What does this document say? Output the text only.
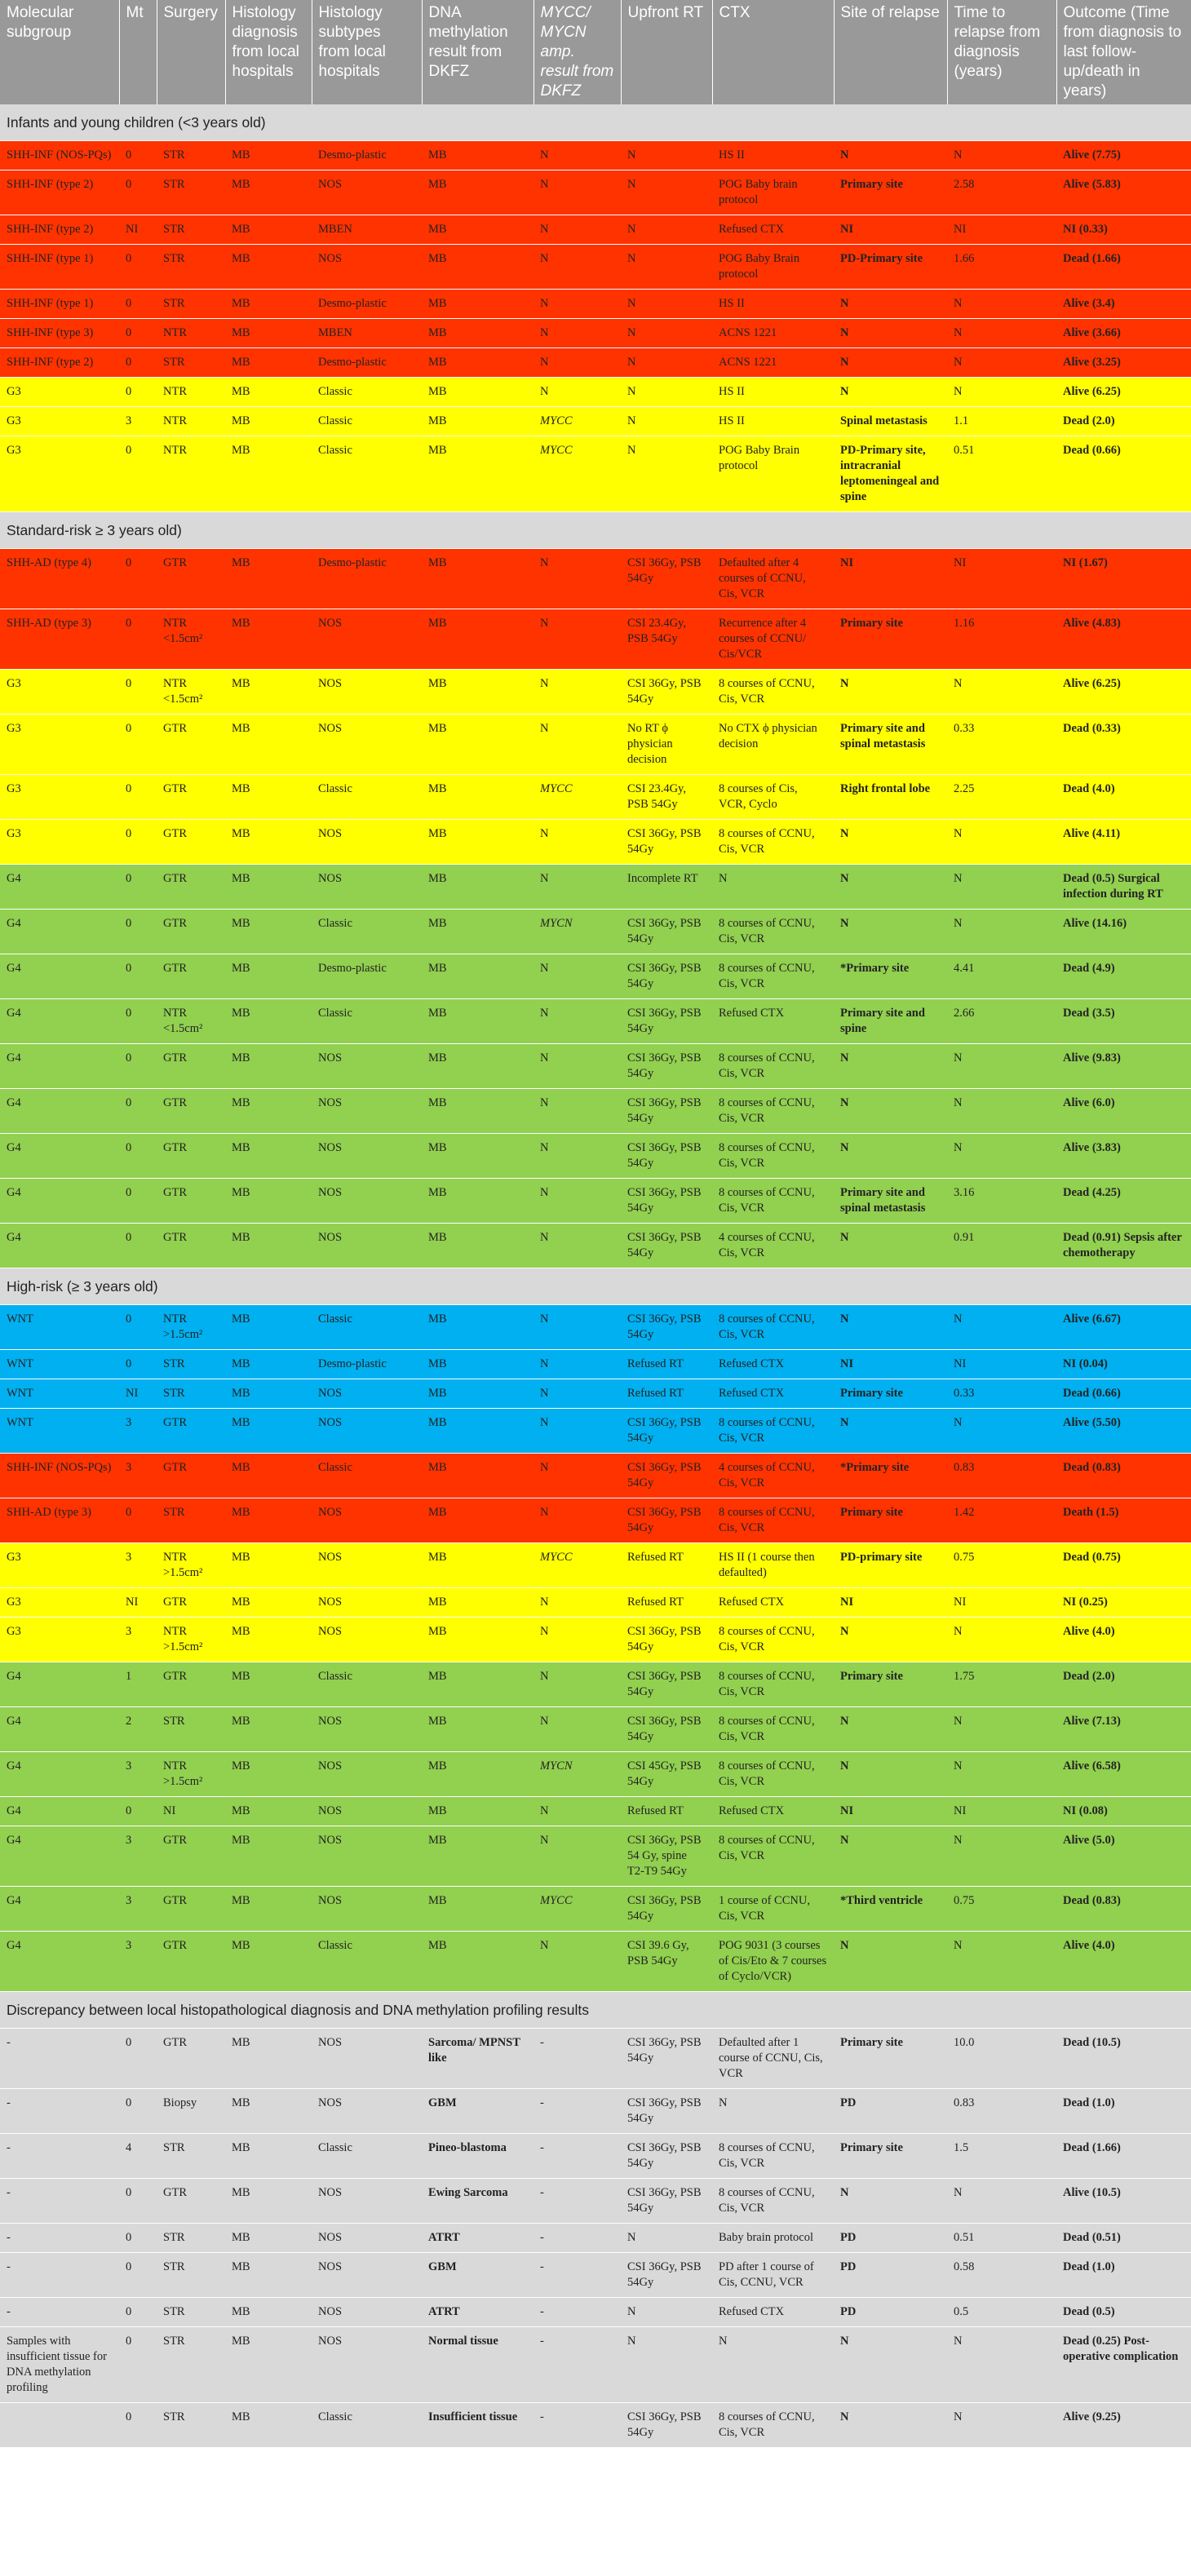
Molecular subgroup	Mt	Surgery	Histology diagnosis from local hospitals	Histology subtypes from local hospitals	DNA methylation result from DKFZ	MYCC/ MYCN amp. result from DKFZ	Upfront RT	CTX	Site of relapse	Time to relapse from diagnosis (years)	Outcome (Time from diagnosis to last follow-up/death in years)
Infants and young children (<3 years old)											
SHH-INF (NOS-PQs)	0	STR	MB	Desmo-plastic	MB	N	N	HS II	N	N	Alive (7.75)
SHH-INF (type 2)	0	STR	MB	NOS	MB	N	N	POG Baby brain protocol	Primary site	2.58	Alive (5.83)
SHH-INF (type 2)	NI	STR	MB	MBEN	MB	N	N	Refused CTX	NI	NI	NI (0.33)
SHH-INF (type 1)	0	STR	MB	NOS	MB	N	N	POG Baby Brain protocol	PD-Primary site	1.66	Dead (1.66)
SHH-INF (type 1)	0	STR	MB	Desmo-plastic	MB	N	N	HS II	N	N	Alive (3.4)
SHH-INF (type 3)	0	NTR	MB	MBEN	MB	N	N	ACNS 1221	N	N	Alive (3.66)
SHH-INF (type 2)	0	STR	MB	Desmo-plastic	MB	N	N	ACNS 1221	N	N	Alive (3.25)
G3	0	NTR	MB	Classic	MB	N	N	HS II	N	N	Alive (6.25)
G3	3	NTR	MB	Classic	MB	MYCC	N	HS II	Spinal metastasis	1.1	Dead (2.0)
G3	0	NTR	MB	Classic	MB	MYCC	N	POG Baby Brain protocol	PD-Primary site, intracranial leptomeningeal and spine	0.51	Dead (0.66)
Standard-risk ≥ 3 years old)											
SHH-AD (type 4)	0	GTR	MB	Desmo-plastic	MB	N	CSI 36Gy, PSB 54Gy	Defaulted after 4 courses of CCNU, Cis, VCR	NI	NI	NI (1.67)
SHH-AD (type 3)	0	NTR <1.5cm²	MB	NOS	MB	N	CSI 23.4Gy, PSB 54Gy	Recurrence after 4 courses of CCNU/ Cis/VCR	Primary site	1.16	Alive (4.83)
G3	0	NTR <1.5cm²	MB	NOS	MB	N	CSI 36Gy, PSB 54Gy	8 courses of CCNU, Cis, VCR	N	N	Alive (6.25)
G3	0	GTR	MB	NOS	MB	N	No RT ϕ physician decision	No CTX ϕ physician decision	Primary site and spinal metastasis	0.33	Dead (0.33)
G3	0	GTR	MB	Classic	MB	MYCC	CSI 23.4Gy, PSB 54Gy	8 courses of Cis, VCR, Cyclo	Right frontal lobe	2.25	Dead (4.0)
G3	0	GTR	MB	NOS	MB	N	CSI 36Gy, PSB 54Gy	8 courses of CCNU, Cis, VCR	N	N	Alive (4.11)
G4	0	GTR	MB	NOS	MB	N	Incomplete RT	N	N	N	Dead (0.5) Surgical infection during RT
G4	0	GTR	MB	Classic	MB	MYCN	CSI 36Gy, PSB 54Gy	8 courses of CCNU, Cis, VCR	N	N	Alive (14.16)
G4	0	GTR	MB	Desmo-plastic	MB	N	CSI 36Gy, PSB 54Gy	8 courses of CCNU, Cis, VCR	*Primary site	4.41	Dead (4.9)
G4	0	NTR <1.5cm²	MB	Classic	MB	N	CSI 36Gy, PSB 54Gy	Refused CTX	Primary site and spine	2.66	Dead (3.5)
G4	0	GTR	MB	NOS	MB	N	CSI 36Gy, PSB 54Gy	8 courses of CCNU, Cis, VCR	N	N	Alive (9.83)
G4	0	GTR	MB	NOS	MB	N	CSI 36Gy, PSB 54Gy	8 courses of CCNU, Cis, VCR	N	N	Alive (6.0)
G4	0	GTR	MB	NOS	MB	N	CSI 36Gy, PSB 54Gy	8 courses of CCNU, Cis, VCR	N	N	Alive (3.83)
G4	0	GTR	MB	NOS	MB	N	CSI 36Gy, PSB 54Gy	8 courses of CCNU, Cis, VCR	Primary site and spinal metastasis	3.16	Dead (4.25)
G4	0	GTR	MB	NOS	MB	N	CSI 36Gy, PSB 54Gy	4 courses of CCNU, Cis, VCR	N	0.91	Dead (0.91) Sepsis after chemotherapy
High-risk (≥ 3 years old)											
WNT	0	NTR >1.5cm²	MB	Classic	MB	N	CSI 36Gy, PSB 54Gy	8 courses of CCNU, Cis, VCR	N	N	Alive (6.67)
WNT	0	STR	MB	Desmo-plastic	MB	N	Refused RT	Refused CTX	NI	NI	NI (0.04)
WNT	NI	STR	MB	NOS	MB	N	Refused RT	Refused CTX	Primary site	0.33	Dead (0.66)
WNT	3	GTR	MB	NOS	MB	N	CSI 36Gy, PSB 54Gy	8 courses of CCNU, Cis, VCR	N	N	Alive (5.50)
SHH-INF (NOS-PQs)	3	GTR	MB	Classic	MB	N	CSI 36Gy, PSB 54Gy	4 courses of CCNU, Cis, VCR	*Primary site	0.83	Dead (0.83)
SHH-AD (type 3)	0	STR	MB	NOS	MB	N	CSI 36Gy, PSB 54Gy	8 courses of CCNU, Cis, VCR	Primary site	1.42	Death (1.5)
G3	3	NTR >1.5cm²	MB	NOS	MB	MYCC	Refused RT	HS II (1 course then defaulted)	PD-primary site	0.75	Dead (0.75)
G3	NI	GTR	MB	NOS	MB	N	Refused RT	Refused CTX	NI	NI	NI (0.25)
G3	3	NTR >1.5cm²	MB	NOS	MB	N	CSI 36Gy, PSB 54Gy	8 courses of CCNU, Cis, VCR	N	N	Alive (4.0)
G4	1	GTR	MB	Classic	MB	N	CSI 36Gy, PSB 54Gy	8 courses of CCNU, Cis, VCR	Primary site	1.75	Dead (2.0)
G4	2	STR	MB	NOS	MB	N	CSI 36Gy, PSB 54Gy	8 courses of CCNU, Cis, VCR	N	N	Alive (7.13)
G4	3	NTR >1.5cm²	MB	NOS	MB	MYCN	CSI 45Gy, PSB 54Gy	8 courses of CCNU, Cis, VCR	N	N	Alive (6.58)
G4	0	NI	MB	NOS	MB	N	Refused RT	Refused CTX	NI	NI	NI (0.08)
G4	3	GTR	MB	NOS	MB	N	CSI 36Gy, PSB 54 Gy, spine T2-T9 54Gy	8 courses of CCNU, Cis, VCR	N	N	Alive (5.0)
G4	3	GTR	MB	NOS	MB	MYCC	CSI 36Gy, PSB 54Gy	1 course of CCNU, Cis, VCR	*Third ventricle	0.75	Dead (0.83)
G4	3	GTR	MB	Classic	MB	N	CSI 39.6 Gy, PSB 54Gy	POG 9031 (3 courses of Cis/Eto & 7 courses of Cyclo/VCR)	N	N	Alive (4.0)
Discrepancy between local histopathological diagnosis and DNA methylation profiling results											
-	0	GTR	MB	NOS	Sarcoma/ MPNST like	-	CSI 36Gy, PSB 54Gy	Defaulted after 1 course of CCNU, Cis, VCR	Primary site	10.0	Dead (10.5)
-	0	Biopsy	MB	NOS	GBM	-	CSI 36Gy, PSB 54Gy	N	PD	0.83	Dead (1.0)
-	4	STR	MB	Classic	Pineo-blastoma	-	CSI 36Gy, PSB 54Gy	8 courses of CCNU, Cis, VCR	Primary site	1.5	Dead (1.66)
-	0	GTR	MB	NOS	Ewing Sarcoma	-	CSI 36Gy, PSB 54Gy	8 courses of CCNU, Cis, VCR	N	N	Alive (10.5)
-	0	STR	MB	NOS	ATRT	-	N	Baby brain protocol	PD	0.51	Dead (0.51)
-	0	STR	MB	NOS	GBM	-	CSI 36Gy, PSB 54Gy	PD after 1 course of Cis, CCNU, VCR	PD	0.58	Dead (1.0)
-	0	STR	MB	NOS	ATRT	-	N	Refused CTX	PD	0.5	Dead (0.5)
Samples with insufficient tissue for DNA methylation profiling	0	STR	MB	NOS	Normal tissue	-	N	N	N	N	Dead (0.25) Post-operative complication
	0	STR	MB	Classic	Insufficient tissue	-	CSI 36Gy, PSB 54Gy	8 courses of CCNU, Cis, VCR	N	N	Alive (9.25)
